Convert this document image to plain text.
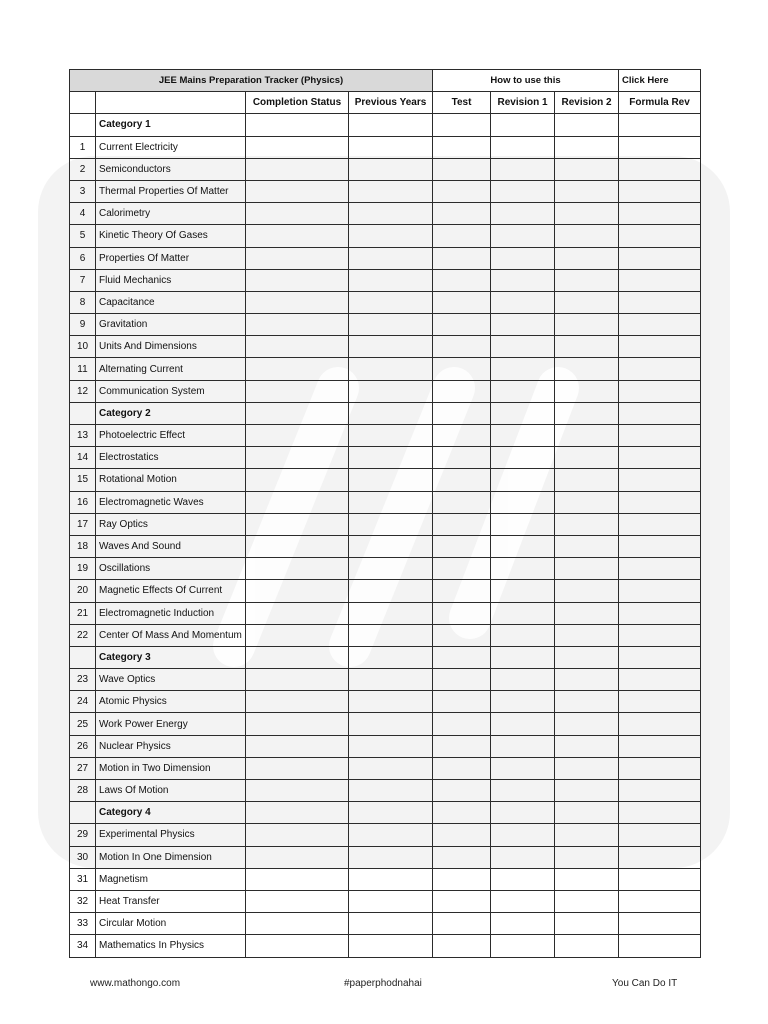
JEE Mains Preparation Tracker (Physics)				How to use this			Click Here
		Completion Status	Previous Years	Test	Revision 1	Revision 2	Formula Rev
	Category 1						
1	Current Electricity						
2	Semiconductors						
3	Thermal Properties Of Matter						
4	Calorimetry						
5	Kinetic Theory Of Gases						
6	Properties Of Matter						
7	Fluid Mechanics						
8	Capacitance						
9	Gravitation						
10	Units And Dimensions						
11	Alternating Current						
12	Communication System						
	Category 2						
13	Photoelectric Effect						
14	Electrostatics						
15	Rotational Motion						
16	Electromagnetic Waves						
17	Ray Optics						
18	Waves And Sound						
19	Oscillations						
20	Magnetic Effects Of Current						
21	Electromagnetic Induction						
22	Center Of Mass And Momentum						
	Category 3						
23	Wave Optics						
24	Atomic Physics						
25	Work Power Energy						
26	Nuclear Physics						
27	Motion in Two Dimension						
28	Laws Of Motion						
	Category 4						
29	Experimental Physics						
30	Motion In One Dimension						
31	Magnetism						
32	Heat Transfer						
33	Circular Motion						
34	Mathematics In Physics						
www.mathongo.com	#paperphodnahai	You Can Do IT
